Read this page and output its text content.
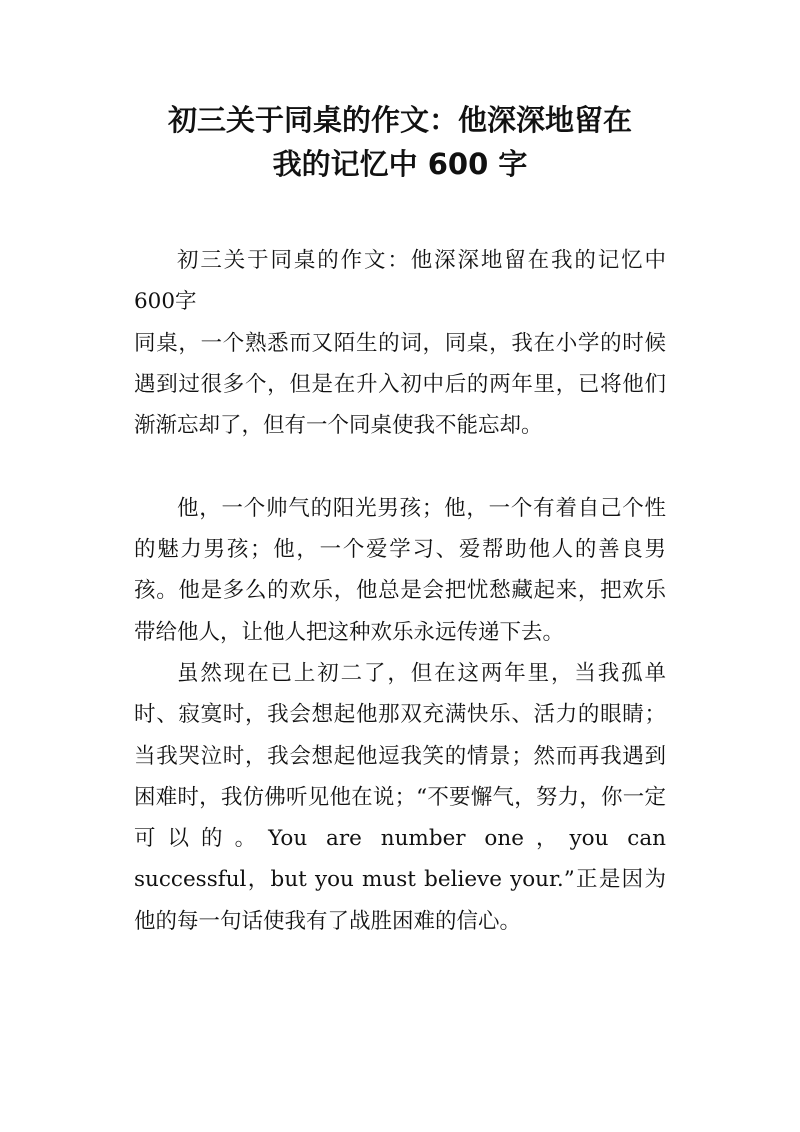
初三关于同桌的作文：他深深地留在
我的记忆中 600 字

初三关于同桌的作文：他深深地留在我的记忆中600字

同桌，一个熟悉而又陌生的词，同桌，我在小学的时候遇到过很多个，但是在升入初中后的两年里，已将他们渐渐忘却了，但有一个同桌使我不能忘却。

他，一个帅气的阳光男孩；他，一个有着自己个性的魅力男孩；他，一个爱学习、爱帮助他人的善良男孩。他是多么的欢乐，他总是会把忧愁藏起来，把欢乐带给他人，让他人把这种欢乐永远传递下去。

虽然现在已上初二了，但在这两年里，当我孤单时、寂寞时，我会想起他那双充满快乐、活力的眼睛；当我哭泣时，我会想起他逗我笑的情景；然而再我遇到困难时，我仿佛听见他在说；“不要懈气，努力，你一定可以的。You are number one，you can successful，but you must believe your.”正是因为他的每一句话使我有了战胜困难的信心。
